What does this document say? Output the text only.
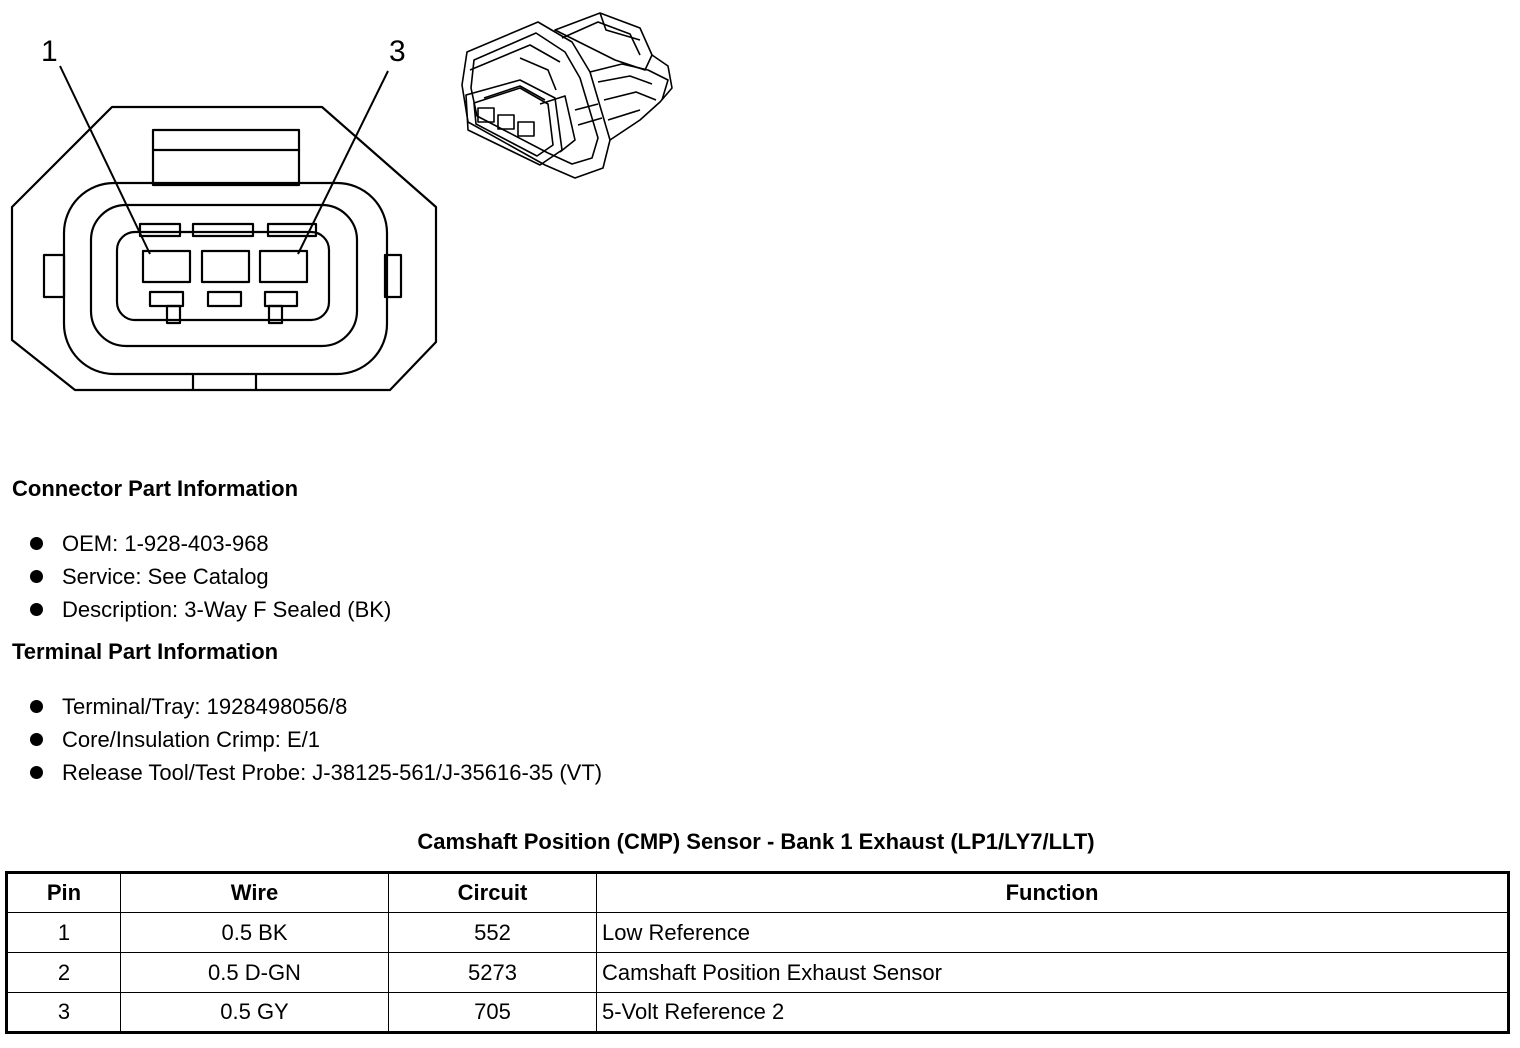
1	3
Connector Part Information
OEM: 1-928-403-968
Service: See Catalog
Description: 3-Way F Sealed (BK)
Terminal Part Information
Terminal/Tray: 1928498056/8
Core/Insulation Crimp: E/1
Release Tool/Test Probe: J-38125-561/J-35616-35 (VT)
Camshaft Position (CMP) Sensor - Bank 1 Exhaust (LP1/LY7/LLT)
Pin	Wire	Circuit	Function
1	0.5 BK	552	Low Reference
2	0.5 D-GN	5273	Camshaft Position Exhaust Sensor
3	0.5 GY	705	5-Volt Reference 2
